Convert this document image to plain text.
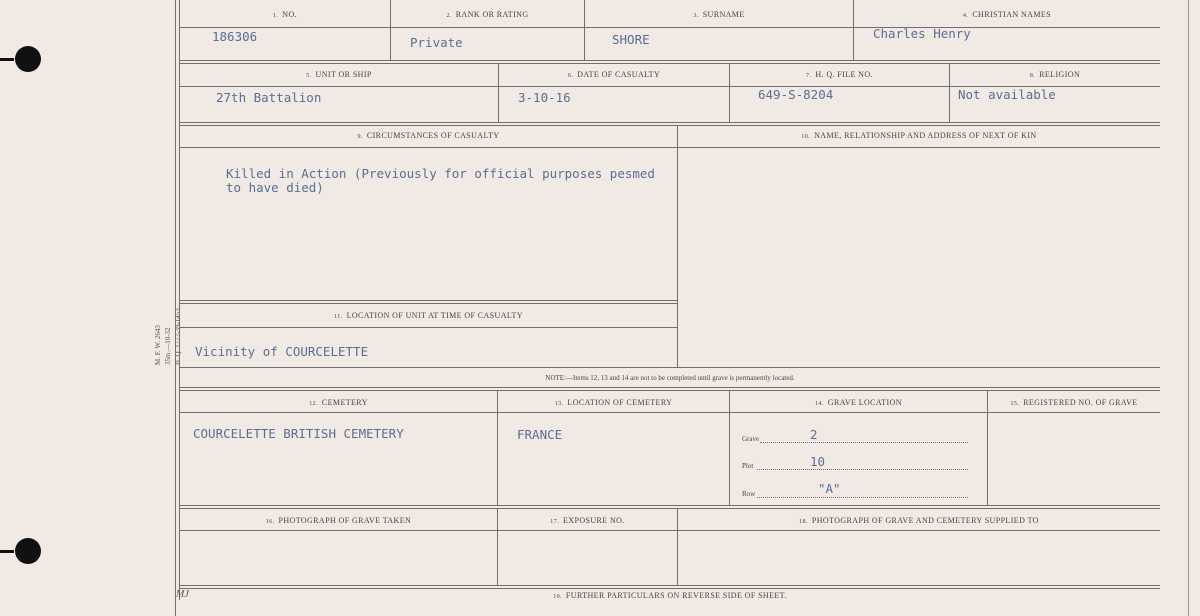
M. F. W. 2643 35m.—10-32 H. Q. 1772-39-1453
1. NO.	2. RANK OR RATING	3. SURNAME	4. CHRISTIAN NAMES
186306	Private	SHORE	Charles Henry
5. UNIT OR SHIP	6. DATE OF CASUALTY	7. H. Q. FILE NO.	8. RELIGION
27th Battalion	3-10-16	649-S-8204	Not available
9. CIRCUMSTANCES OF CASUALTY	10. NAME, RELATIONSHIP AND ADDRESS OF NEXT OF KIN
Killed in Action (Previously for official purposes pesmed
to have died)
11. LOCATION OF UNIT AT TIME OF CASUALTY
Vicinity of COURCELETTE
NOTE:—Items 12, 13 and 14 are not to be completed until grave is permanently located.
12. CEMETERY	13. LOCATION OF CEMETERY	14. GRAVE LOCATION	15. REGISTERED NO. OF GRAVE
COURCELETTE BRITISH CEMETERY	FRANCE	Grave	2
Plot	10
Row	"A"
16. PHOTOGRAPH OF GRAVE TAKEN	17. EXPOSURE NO.	18. PHOTOGRAPH OF GRAVE AND CEMETERY SUPPLIED TO
19. FURTHER PARTICULARS ON REVERSE SIDE OF SHEET.
MJ
